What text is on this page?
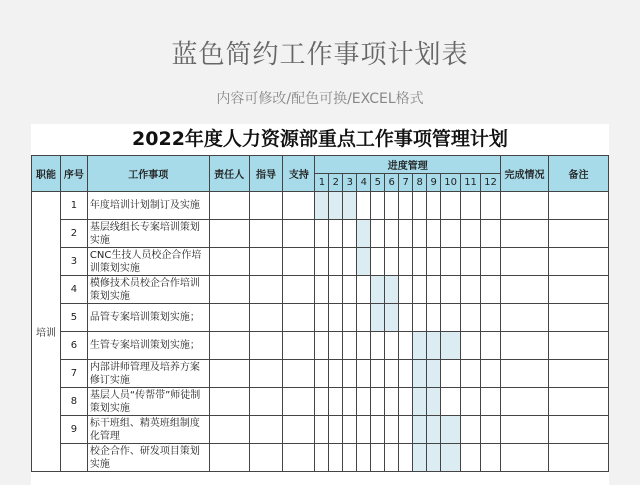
蓝色简约工作事项计划表
内容可修改/配色可换/EXCEL格式
2022年度人力资源部重点工作事项管理计划
职能	序号	工作事项	责任人	指导	支持	进度管理												完成情况	备注
						1	2	3	4	5	6	7	8	9	10	11	12		
培训	1	年度培训计划制订及实施																	
	2	基层线组长专案培训策划实施																	
	3	CNC生技人员校企合作培训策划实施																	
	4	模修技术员校企合作培训策划实施																	
	5	品管专案培训策划实施；																	
	6	生管专案培训策划实施；																	
	7	内部讲师管理及培养方案修订实施																	
	8	基层人员“传帮带”师徒制策划实施																	
	9	标干班组、精英班组制度化管理																	
		校企合作、研发项目策划实施																	
